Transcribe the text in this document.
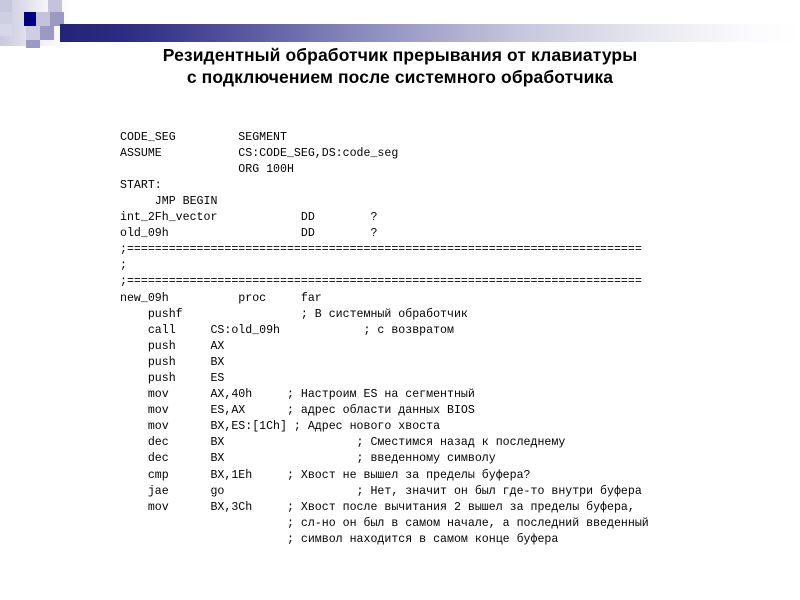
Резидентный обработчик прерывания от клавиатуры
с подключением после системного обработчика
CODE_SEG         SEGMENT
ASSUME           CS:CODE_SEG,DS:code_seg
ORG 100H
START:
JMP BEGIN
int_2Fh_vector            DD        ?
old_09h                   DD        ?
;==========================================================================
;
;==========================================================================
new_09h          proc     far
pushf                 ; В системный обработчик
call     CS:old_09h            ; с возвратом
push     AX
push     BX
push     ES
mov      AX,40h     ; Настроим ES на сегментный
mov      ES,AX      ; адрес области данных BIOS
mov      BX,ES:[1Ch] ; Адрес нового хвоста
dec      BX                   ; Сместимся назад к последнему
dec      BX                   ; введенному символу
cmp      BX,1Eh     ; Хвост не вышел за пределы буфера?
jae      go                   ; Нет, значит он был где-то внутри буфера
mov      BX,3Ch     ; Хвост после вычитания 2 вышел за пределы буфера,
; сл-но он был в самом начале, а последний введенный
; символ находится в самом конце буфера
